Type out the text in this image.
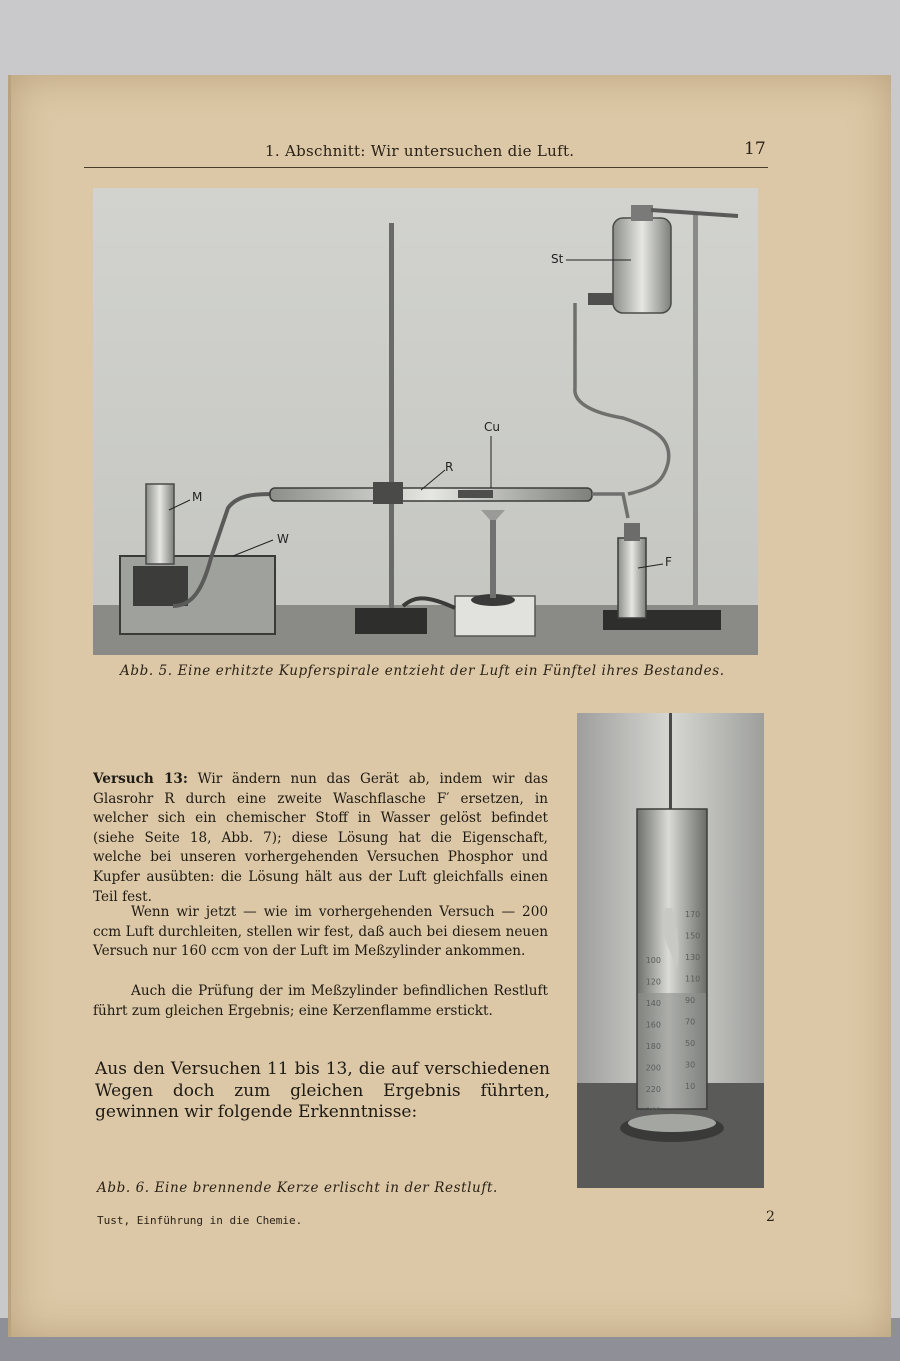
1. Abschnitt: Wir untersuchen die Luft.	17
St
Cu
R
M
W
F
Abb. 5. Eine erhitzte Kupferspirale entzieht der Luft ein Fünftel ihres Bestandes.
Versuch 13: Wir ändern nun das Gerät ab, indem wir das Glasrohr R durch eine zweite Waschflasche F′ ersetzen, in welcher sich ein chemischer Stoff in Wasser gelöst befindet (siehe Seite 18, Abb. 7); diese Lösung hat die Eigenschaft, welche bei unseren vorhergehenden Versuchen Phosphor und Kupfer ausübten: die Lösung hält aus der Luft gleichfalls einen Teil fest.
Wenn wir jetzt — wie im vorhergehenden Versuch — 200 ccm Luft durchleiten, stellen wir fest, daß auch bei diesem neuen Versuch nur 160 ccm von der Luft im Meßzylinder ankommen.
Auch die Prüfung der im Meßzylinder befindlichen Restluft führt zum gleichen Ergebnis; eine Kerzenflamme erstickt.
Aus den Versuchen 11 bis 13, die auf verschiedenen Wegen doch zum gleichen Ergebnis führten, gewinnen wir folgende Erkenntnisse:
100
120
140
160
180
200
220
240
170
150
130
110
90
70
50
30
10
Abb. 6. Eine brennende Kerze erlischt in der Restluft.
Tust, Einführung in die Chemie.	2
